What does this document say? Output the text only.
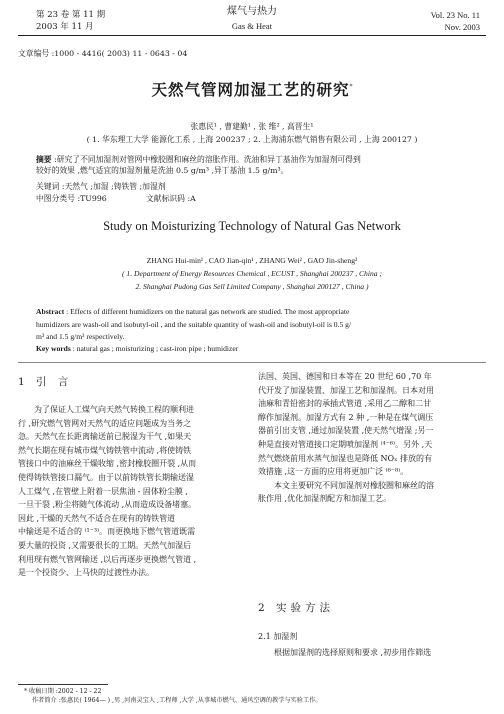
第 23 卷 第 11 期
2003 年 11 月
煤气与热力
Gas & Heat
Vol. 23 No. 11
Nov. 2003
文章编号 :1000 - 4416( 2003) 11 - 0643 - 04
天然气管网加湿工艺的研究*
张惠民¹ , 曹建勤¹ , 张 维² , 高晋生¹
( 1. 华东理工大学 能源化工系 , 上海 200237 ; 2. 上海浦东燃气销售有限公司 , 上海 200127 )
摘要 :研究了不同加湿剂对管网中橡胶圈和麻丝的溶胀作用。洗油和异丁基油作为加湿剂可得到
较好的效果 ,燃气适宜的加湿剂量是洗油 0.5 g/m³ ,异丁基油 1.5 g/m³。
关键词 :天然气 ;加湿 ;铸铁管 ;加湿剂
中图分类号 :TU996	文献标识码 :A
Study on Moisturizing Technology of Natural Gas Network
ZHANG Hui-min¹ , CAO Jian-qin¹ , ZHANG Wei² , GAO Jin-sheng²
( 1. Department of Energy Resources Chemical , ECUST , Shanghai 200237 , China ;
2. Shanghai Pudong Gas Sell Limited Company , Shanghai 200127 , China )
Abstract : Effects of different humidizers on the natural gas network are studied. The most appropriate
humidizers are wash-oil and isobutyl-oil , and the suitable quantity of wash-oil and isobutyl-oil is 0.5 g/
m³ and 1.5 g/m³ respectively.
Key words : natural gas ; moisturizing ; cast-iron pipe ; humidizer
1 引 言
　　为了保证人工煤气向天然气转换工程的顺利进
行 ,研究燃气管网对天然气的适应问题成为当务之
急。天然气在长距离输送前已脱湿为干气 ,如果天
然气长期在现有城市煤气铸铁管中流动 ,将使铸铁
管接口中的油麻丝干燥收缩 ,密封橡胶圈开裂 ,从而
使得铸铁管接口漏气。由于以前铸铁管长期输送湿
人工煤气 ,在管壁上附着一层焦油 - 固体粉尘膜 ,
一旦干裂 ,粉尘将随气体流动 ,从而造成设备堵塞。
因此 ,干燥的天然气不适合在现有的铸铁管道
中输送是不适合的 ⁽¹⁻³⁾。而更换地下燃气管道既需
要大量的投资 ,又需要很长的工期。天然气加湿后
利用现有燃气管网输送 ,以后再逐步更换燃气管道 ,
是一个投资少、上马快的过渡性办法。
法国、英国、德国和日本等在 20 世纪 60 ,70 年
代开发了加湿装置、加湿工艺和加湿剂。日本对用
油麻和青铅密封的承插式管道 ,采用乙二醇和二甘
醇作加湿剂。加湿方式有 2 种 ,一种是在煤气调压
器前引出支管 ,通过加湿装置 ,使天然气增湿 ;另一
种是直接对管道接口定期喷加湿剂 ⁽⁴⁻⁶⁾。另外 ,天
然气燃烧前用水蒸气加湿也是降低 NOₓ 排放的有
效措施 ,这一方面的应用将更加广泛 ⁽⁶⁻⁸⁾。
　　本文主要研究不同加湿剂对橡胶圈和麻丝的溶
胀作用 ,优化加湿剂配方和加湿工艺。
2 实验方法
2.1 加湿剂
　　根据加湿剂的选择原则和要求 ,初步用作筛选
* 收稿日期 :2002 - 12 - 22
作者简介 :张惠民( 1964— ) ,男 ,河南灵宝人 ,工程师 ,大学 ,从事城市燃气、通风空调的教学与实验工作。
